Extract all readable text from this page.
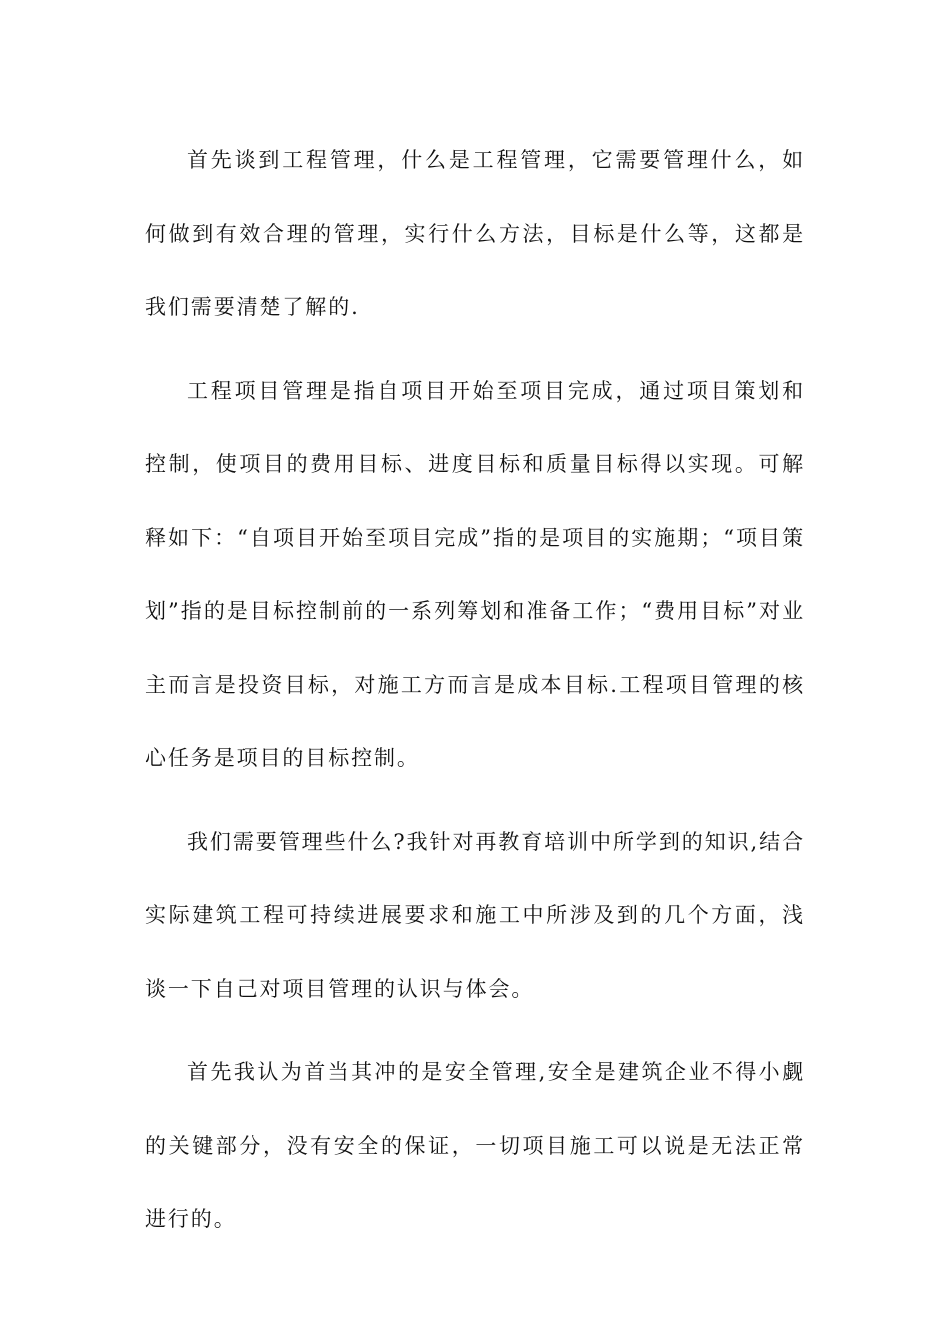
首先谈到工程管理，什么是工程管理，它需要管理什么，如何做到有效合理的管理，实行什么方法，目标是什么等，这都是我们需要清楚了解的.

工程项目管理是指自项目开始至项目完成，通过项目策划和控制，使项目的费用目标、进度目标和质量目标得以实现。可解释如下：“自项目开始至项目完成”指的是项目的实施期；“项目策划”指的是目标控制前的一系列筹划和准备工作；“费用目标”对业主而言是投资目标，对施工方而言是成本目标.工程项目管理的核心任务是项目的目标控制。

我们需要管理些什么?我针对再教育培训中所学到的知识,结合实际建筑工程可持续进展要求和施工中所涉及到的几个方面，浅谈一下自己对项目管理的认识与体会。

首先我认为首当其冲的是安全管理,安全是建筑企业不得小觑的关键部分，没有安全的保证，一切项目施工可以说是无法正常进行的。
